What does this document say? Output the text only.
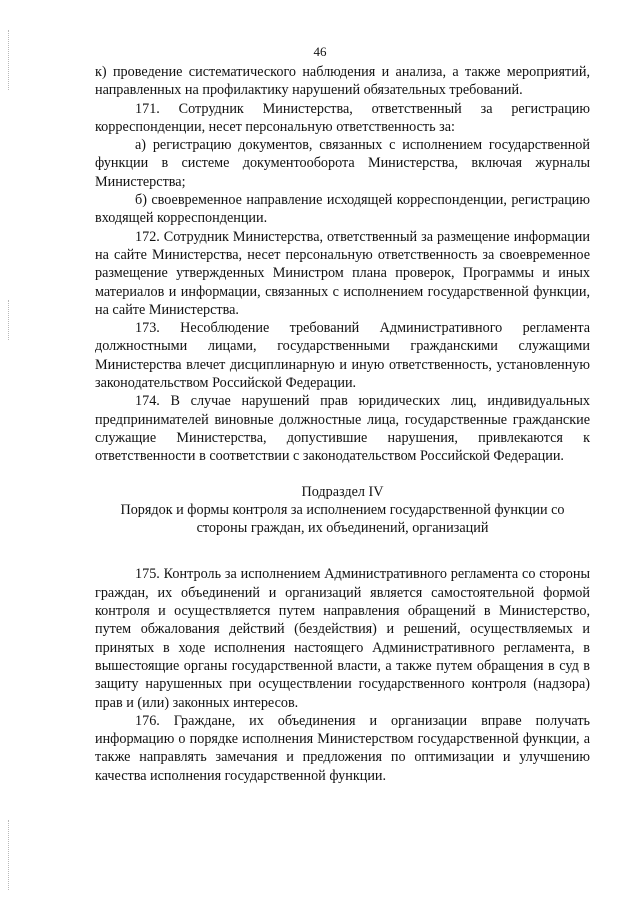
46

к) проведение систематического наблюдения и анализа, а также мероприятий, направленных на профилактику нарушений обязательных требований.

171. Сотрудник Министерства, ответственный за регистрацию корреспонденции, несет персональную ответственность за:

а) регистрацию документов, связанных с исполнением государственной функции в системе документооборота Министерства, включая журналы Министерства;

б) своевременное направление исходящей корреспонденции, регистрацию входящей корреспонденции.

172. Сотрудник Министерства, ответственный за размещение информации на сайте Министерства, несет персональную ответственность за своевременное размещение утвержденных Министром плана проверок, Программы и иных материалов и информации, связанных с исполнением государственной функции, на сайте Министерства.

173. Несоблюдение требований Административного регламента должностными лицами, государственными гражданскими служащими Министерства влечет дисциплинарную и иную ответственность, установленную законодательством Российской Федерации.

174. В случае нарушений прав юридических лиц, индивидуальных предпринимателей виновные должностные лица, государственные гражданские служащие Министерства, допустившие нарушения, привлекаются к ответственности в соответствии с законодательством Российской Федерации.

Подраздел IV

Порядок и формы контроля за исполнением государственной функции со стороны граждан, их объединений, организаций

175. Контроль за исполнением Административного регламента со стороны граждан, их объединений и организаций является самостоятельной формой контроля и осуществляется путем направления обращений в Министерство, путем обжалования действий (бездействия) и решений, осуществляемых и принятых в ходе исполнения настоящего Административного регламента, в вышестоящие органы государственной власти, а также путем обращения в суд в защиту нарушенных при осуществлении государственного контроля (надзора) прав и (или) законных интересов.

176. Граждане, их объединения и организации вправе получать информацию о порядке исполнения Министерством государственной функции, а также направлять замечания и предложения по оптимизации и улучшению качества исполнения государственной функции.
